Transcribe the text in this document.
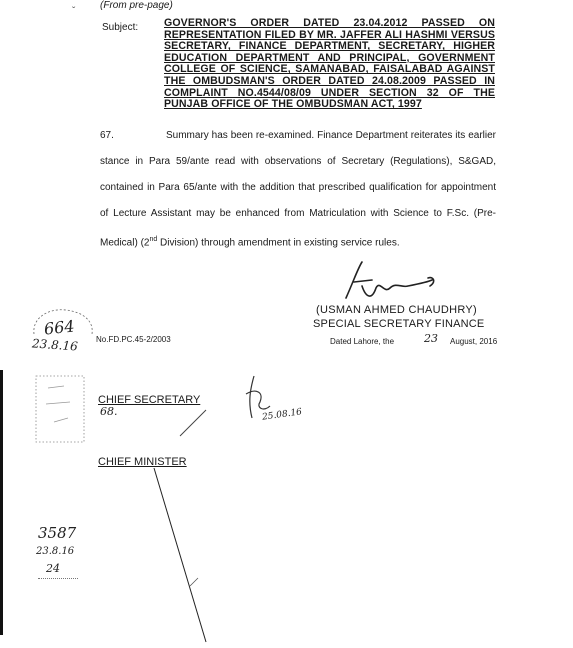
ˇ
(From pre-page)
Subject: GOVERNOR'S ORDER DATED 23.04.2012 PASSED ON REPRESENTATION FILED BY MR. JAFFER ALI HASHMI VERSUS SECRETARY, FINANCE DEPARTMENT, SECRETARY, HIGHER EDUCATION DEPARTMENT AND PRINCIPAL, GOVERNMENT COLLEGE OF SCIENCE, SAMANABAD, FAISALABAD AGAINST THE OMBUDSMAN'S ORDER DATED 24.08.2009 PASSED IN COMPLAINT NO.4544/08/09 UNDER SECTION 32 OF THE PUNJAB OFFICE OF THE OMBUDSMAN ACT, 1997
67.	Summary has been re-examined. Finance Department reiterates its earlier stance in Para 59/ante read with observations of Secretary (Regulations), S&GAD, contained in Para 65/ante with the addition that prescribed qualification for appointment of Lecture Assistant may be enhanced from Matriculation with Science to F.Sc. (Pre-Medical) (2nd Division) through amendment in existing service rules.
(USMAN AHMED CHAUDHRY)
SPECIAL SECRETARY FINANCE
No.FD.PC.45-2/2003	Dated Lahore, the	23 August, 2016
664
23.8.16
CHIEF SECRETARY
68.	25.08.16
CHIEF MINISTER
3587
23.8.16
24
